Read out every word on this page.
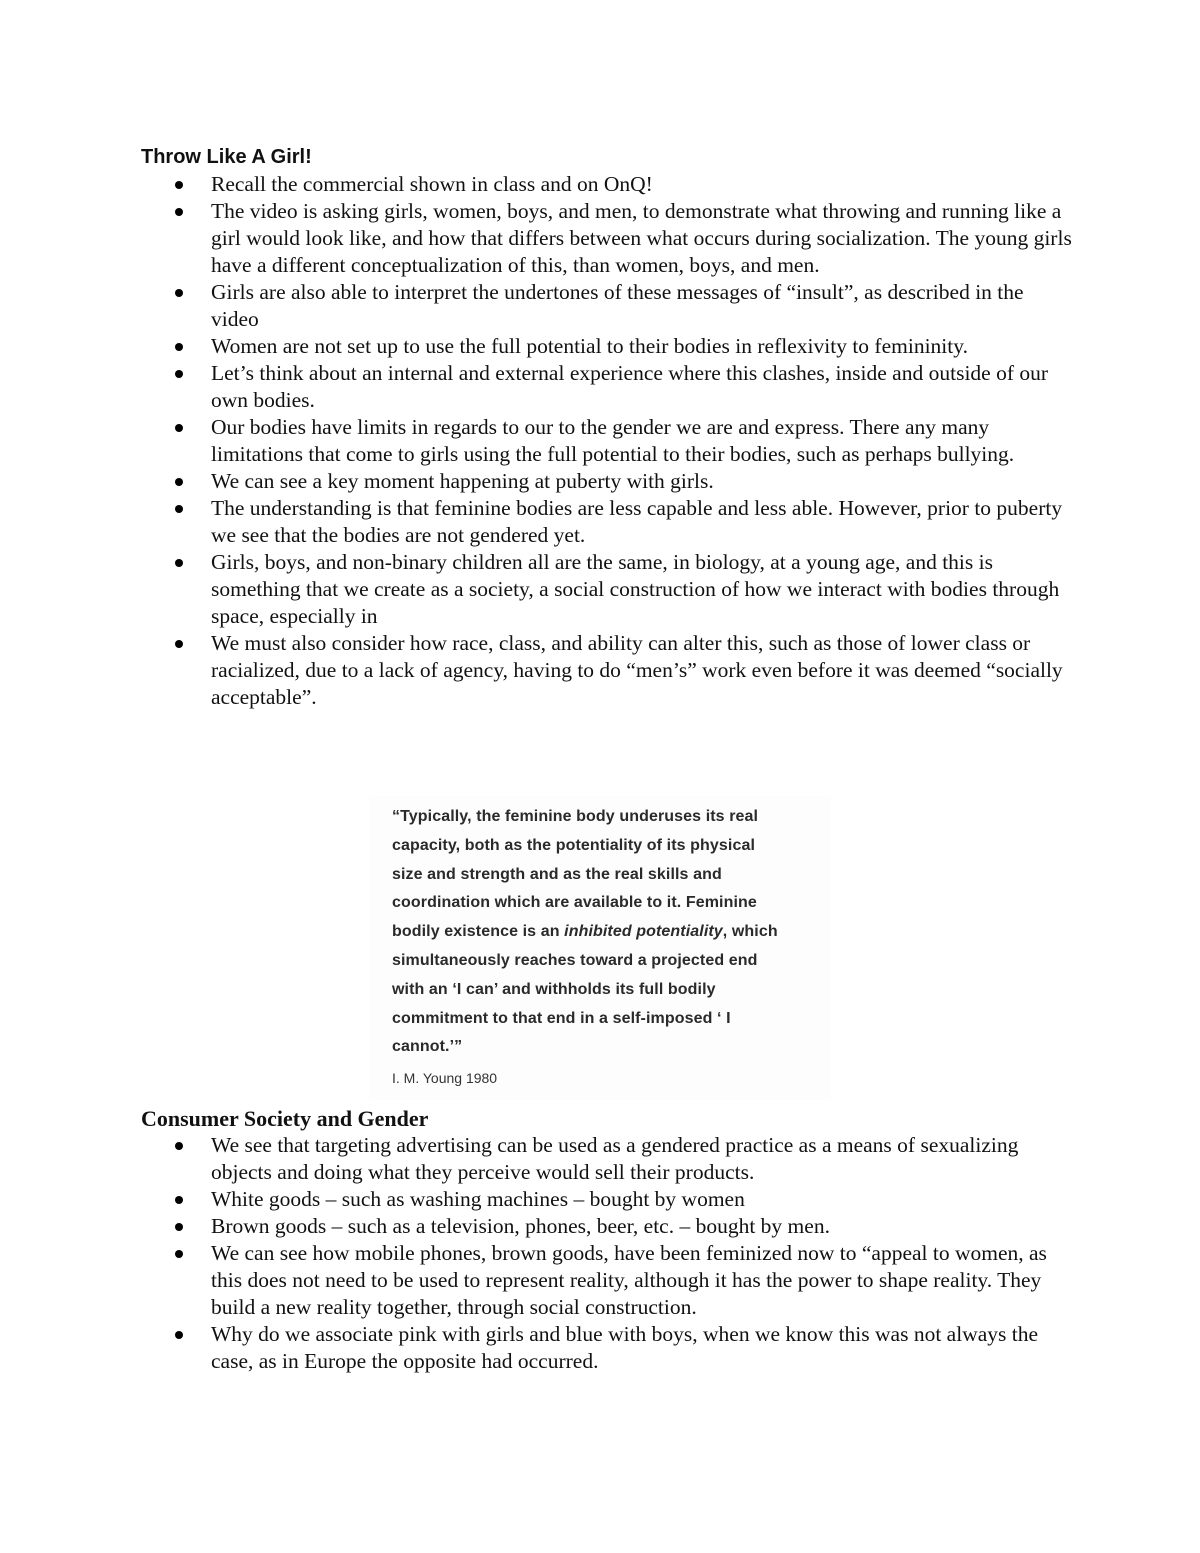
Throw Like A Girl!
Recall the commercial shown in class and on OnQ!
The video is asking girls, women, boys, and men, to demonstrate what throwing and running like a girl would look like, and how that differs between what occurs during socialization. The young girls have a different conceptualization of this, than women, boys, and men.
Girls are also able to interpret the undertones of these messages of “insult”, as described in the video
Women are not set up to use the full potential to their bodies in reflexivity to femininity.
Let’s think about an internal and external experience where this clashes, inside and outside of our own bodies.
Our bodies have limits in regards to our to the gender we are and express. There any many limitations that come to girls using the full potential to their bodies, such as perhaps bullying.
We can see a key moment happening at puberty with girls.
The understanding is that feminine bodies are less capable and less able. However, prior to puberty we see that the bodies are not gendered yet.
Girls, boys, and non-binary children all are the same, in biology, at a young age, and this is something that we create as a society, a social construction of how we interact with bodies through space, especially in
We must also consider how race, class, and ability can alter this, such as those of lower class or racialized, due to a lack of agency, having to do “men’s” work even before it was deemed “socially acceptable”.
“Typically, the feminine body underuses its real
capacity, both as the potentiality of its physical
size and strength and as the real skills and
coordination which are available to it. Feminine
bodily existence is an inhibited potentiality, which
simultaneously reaches toward a projected end
with an ‘I can’ and withholds its full bodily
commitment to that end in a self-imposed ‘ I
cannot.’”
I. M. Young 1980
Consumer Society and Gender
We see that targeting advertising can be used as a gendered practice as a means of sexualizing objects and doing what they perceive would sell their products.
White goods – such as washing machines – bought by women
Brown goods – such as a television, phones, beer, etc. – bought by men.
We can see how mobile phones, brown goods, have been feminized now to “appeal to women, as this does not need to be used to represent reality, although it has the power to shape reality. They build a new reality together, through social construction.
Why do we associate pink with girls and blue with boys, when we know this was not always the case, as in Europe the opposite had occurred.
